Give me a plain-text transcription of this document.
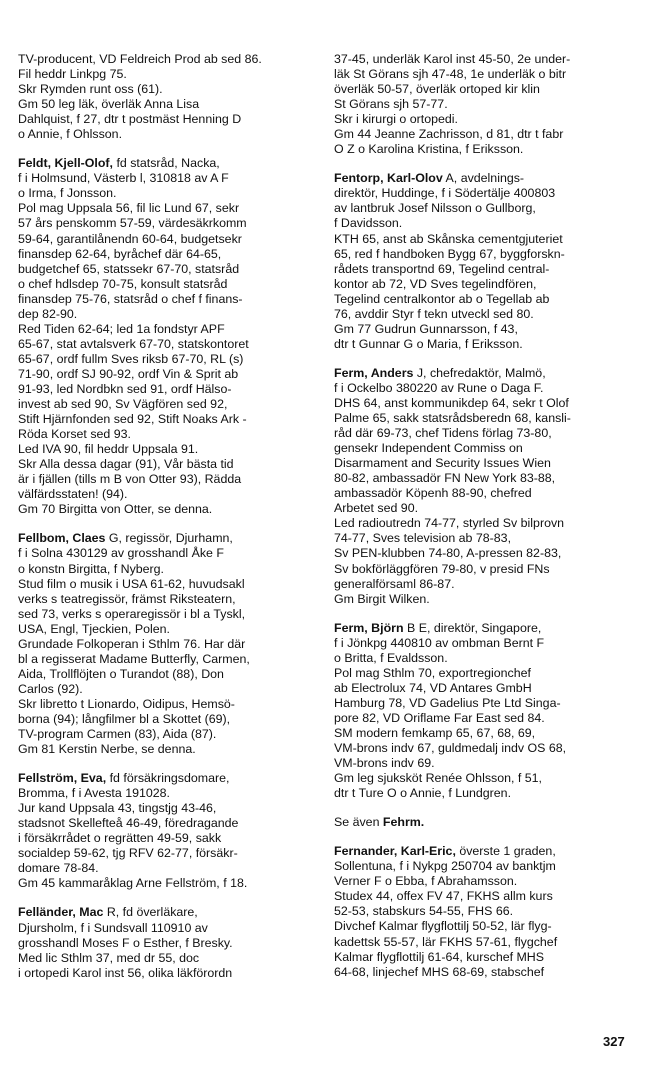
TV-producent, VD Feldreich Prod ab sed 86.
Fil heddr Linkpg 75.
Skr Rymden runt oss (61).
Gm 50 leg läk, överläk Anna Lisa
Dahlquist, f 27, dtr t postmäst Henning D
o Annie, f Ohlsson.
Feldt, Kjell-Olof, fd statsråd, Nacka,
f i Holmsund, Västerb l, 310818 av A F
o Irma, f Jonsson.
Pol mag Uppsala 56, fil lic Lund 67, sekr
57 års penskomm 57-59, värdesäkrkomm
59-64, garantilånendn 60-64, budgetsekr
finansdep 62-64, byråchef där 64-65,
budgetchef 65, statssekr 67-70, statsråd
o chef hdlsdep 70-75, konsult statsråd
finansdep 75-76, statsråd o chef f finans-
dep 82-90.
Red Tiden 62-64; led 1a fondstyr APF
65-67, stat avtalsverk 67-70, statskontoret
65-67, ordf fullm Sves riksb 67-70, RL (s)
71-90, ordf SJ 90-92, ordf Vin & Sprit ab
91-93, led Nordbkn sed 91, ordf Hälso-
invest ab sed 90, Sv Vägfören sed 92,
Stift Hjärnfonden sed 92, Stift Noaks Ark -
Röda Korset sed 93.
Led IVA 90, fil heddr Uppsala 91.
Skr Alla dessa dagar (91), Vår bästa tid
är i fjällen (tills m B von Otter 93), Rädda
välfärdsstaten! (94).
Gm 70 Birgitta von Otter, se denna.
Fellbom, Claes G, regissör, Djurhamn,
f i Solna 430129 av grosshandl Åke F
o konstn Birgitta, f Nyberg.
Stud film o musik i USA 61-62, huvudsakl
verks s teatregissör, främst Riksteatern,
sed 73, verks s operaregissör i bl a Tyskl,
USA, Engl, Tjeckien, Polen.
Grundade Folkoperan i Sthlm 76. Har där
bl a regisserat Madame Butterfly, Carmen,
Aida, Trollflöjten o Turandot (88), Don
Carlos (92).
Skr libretto t Lionardo, Oidipus, Hemsö-
borna (94); långfilmer bl a Skottet (69),
TV-program Carmen (83), Aida (87).
Gm 81 Kerstin Nerbe, se denna.
Fellström, Eva, fd försäkringsdomare,
Bromma, f i Avesta 191028.
Jur kand Uppsala 43, tingstjg 43-46,
stadsnot Skellefteå 46-49, föredragande
i försäkrrådet o regrätten 49-59, sakk
socialdep 59-62, tjg RFV 62-77, försäkr-
domare 78-84.
Gm 45 kammaråklag Arne Fellström, f 18.
Felländer, Mac R, fd överläkare,
Djursholm, f i Sundsvall 110910 av
grosshandl Moses F o Esther, f Bresky.
Med lic Sthlm 37, med dr 55, doc
i ortopedi Karol inst 56, olika läkförordn
37-45, underläk Karol inst 45-50, 2e under-
läk St Görans sjh 47-48, 1e underläk o bitr
överläk 50-57, överläk ortoped kir klin
St Görans sjh 57-77.
Skr i kirurgi o ortopedi.
Gm 44 Jeanne Zachrisson, d 81, dtr t fabr
O Z o Karolina Kristina, f Eriksson.
Fentorp, Karl-Olov A, avdelnings-
direktör, Huddinge, f i Södertälje 400803
av lantbruk Josef Nilsson o Gullborg,
f Davidsson.
KTH 65, anst ab Skånska cementgjuteriet
65, red f handboken Bygg 67, byggforskn-
rådets transportnd 69, Tegelind central-
kontor ab 72, VD Sves tegelindfören,
Tegelind centralkontor ab o Tegellab ab
76, avddir Styr f tekn utveckl sed 80.
Gm 77 Gudrun Gunnarsson, f 43,
dtr t Gunnar G o Maria, f Eriksson.
Ferm, Anders J, chefredaktör, Malmö,
f i Ockelbo 380220 av Rune o Daga F.
DHS 64, anst kommunikdep 64, sekr t Olof
Palme 65, sakk statsrådsberedn 68, kansli-
råd där 69-73, chef Tidens förlag 73-80,
gensekr Independent Commiss on
Disarmament and Security Issues Wien
80-82, ambassadör FN New York 83-88,
ambassadör Köpenh 88-90, chefred
Arbetet sed 90.
Led radioutredn 74-77, styrled Sv bilprovn
74-77, Sves television ab 78-83,
Sv PEN-klubben 74-80, A-pressen 82-83,
Sv bokförläggfören 79-80, v presid FNs
generalförsaml 86-87.
Gm Birgit Wilken.
Ferm, Björn B E, direktör, Singapore,
f i Jönkpg 440810 av ombman Bernt F
o Britta, f Evaldsson.
Pol mag Sthlm 70, exportregionchef
ab Electrolux 74, VD Antares GmbH
Hamburg 78, VD Gadelius Pte Ltd Singa-
pore 82, VD Oriflame Far East sed 84.
SM modern femkamp 65, 67, 68, 69,
VM-brons indv 67, guldmedalj indv OS 68,
VM-brons indv 69.
Gm leg sjuksköt Renée Ohlsson, f 51,
dtr t Ture O o Annie, f Lundgren.
Se även Fehrm.
Fernander, Karl-Eric, överste 1 graden,
Sollentuna, f i Nykpg 250704 av banktjm
Verner F o Ebba, f Abrahamsson.
Studex 44, offex FV 47, FKHS allm kurs
52-53, stabskurs 54-55, FHS 66.
Divchef Kalmar flygflottilj 50-52, lär flyg-
kadettsk 55-57, lär FKHS 57-61, flygchef
Kalmar flygflottilj 61-64, kurschef MHS
64-68, linjechef MHS 68-69, stabschef
327
